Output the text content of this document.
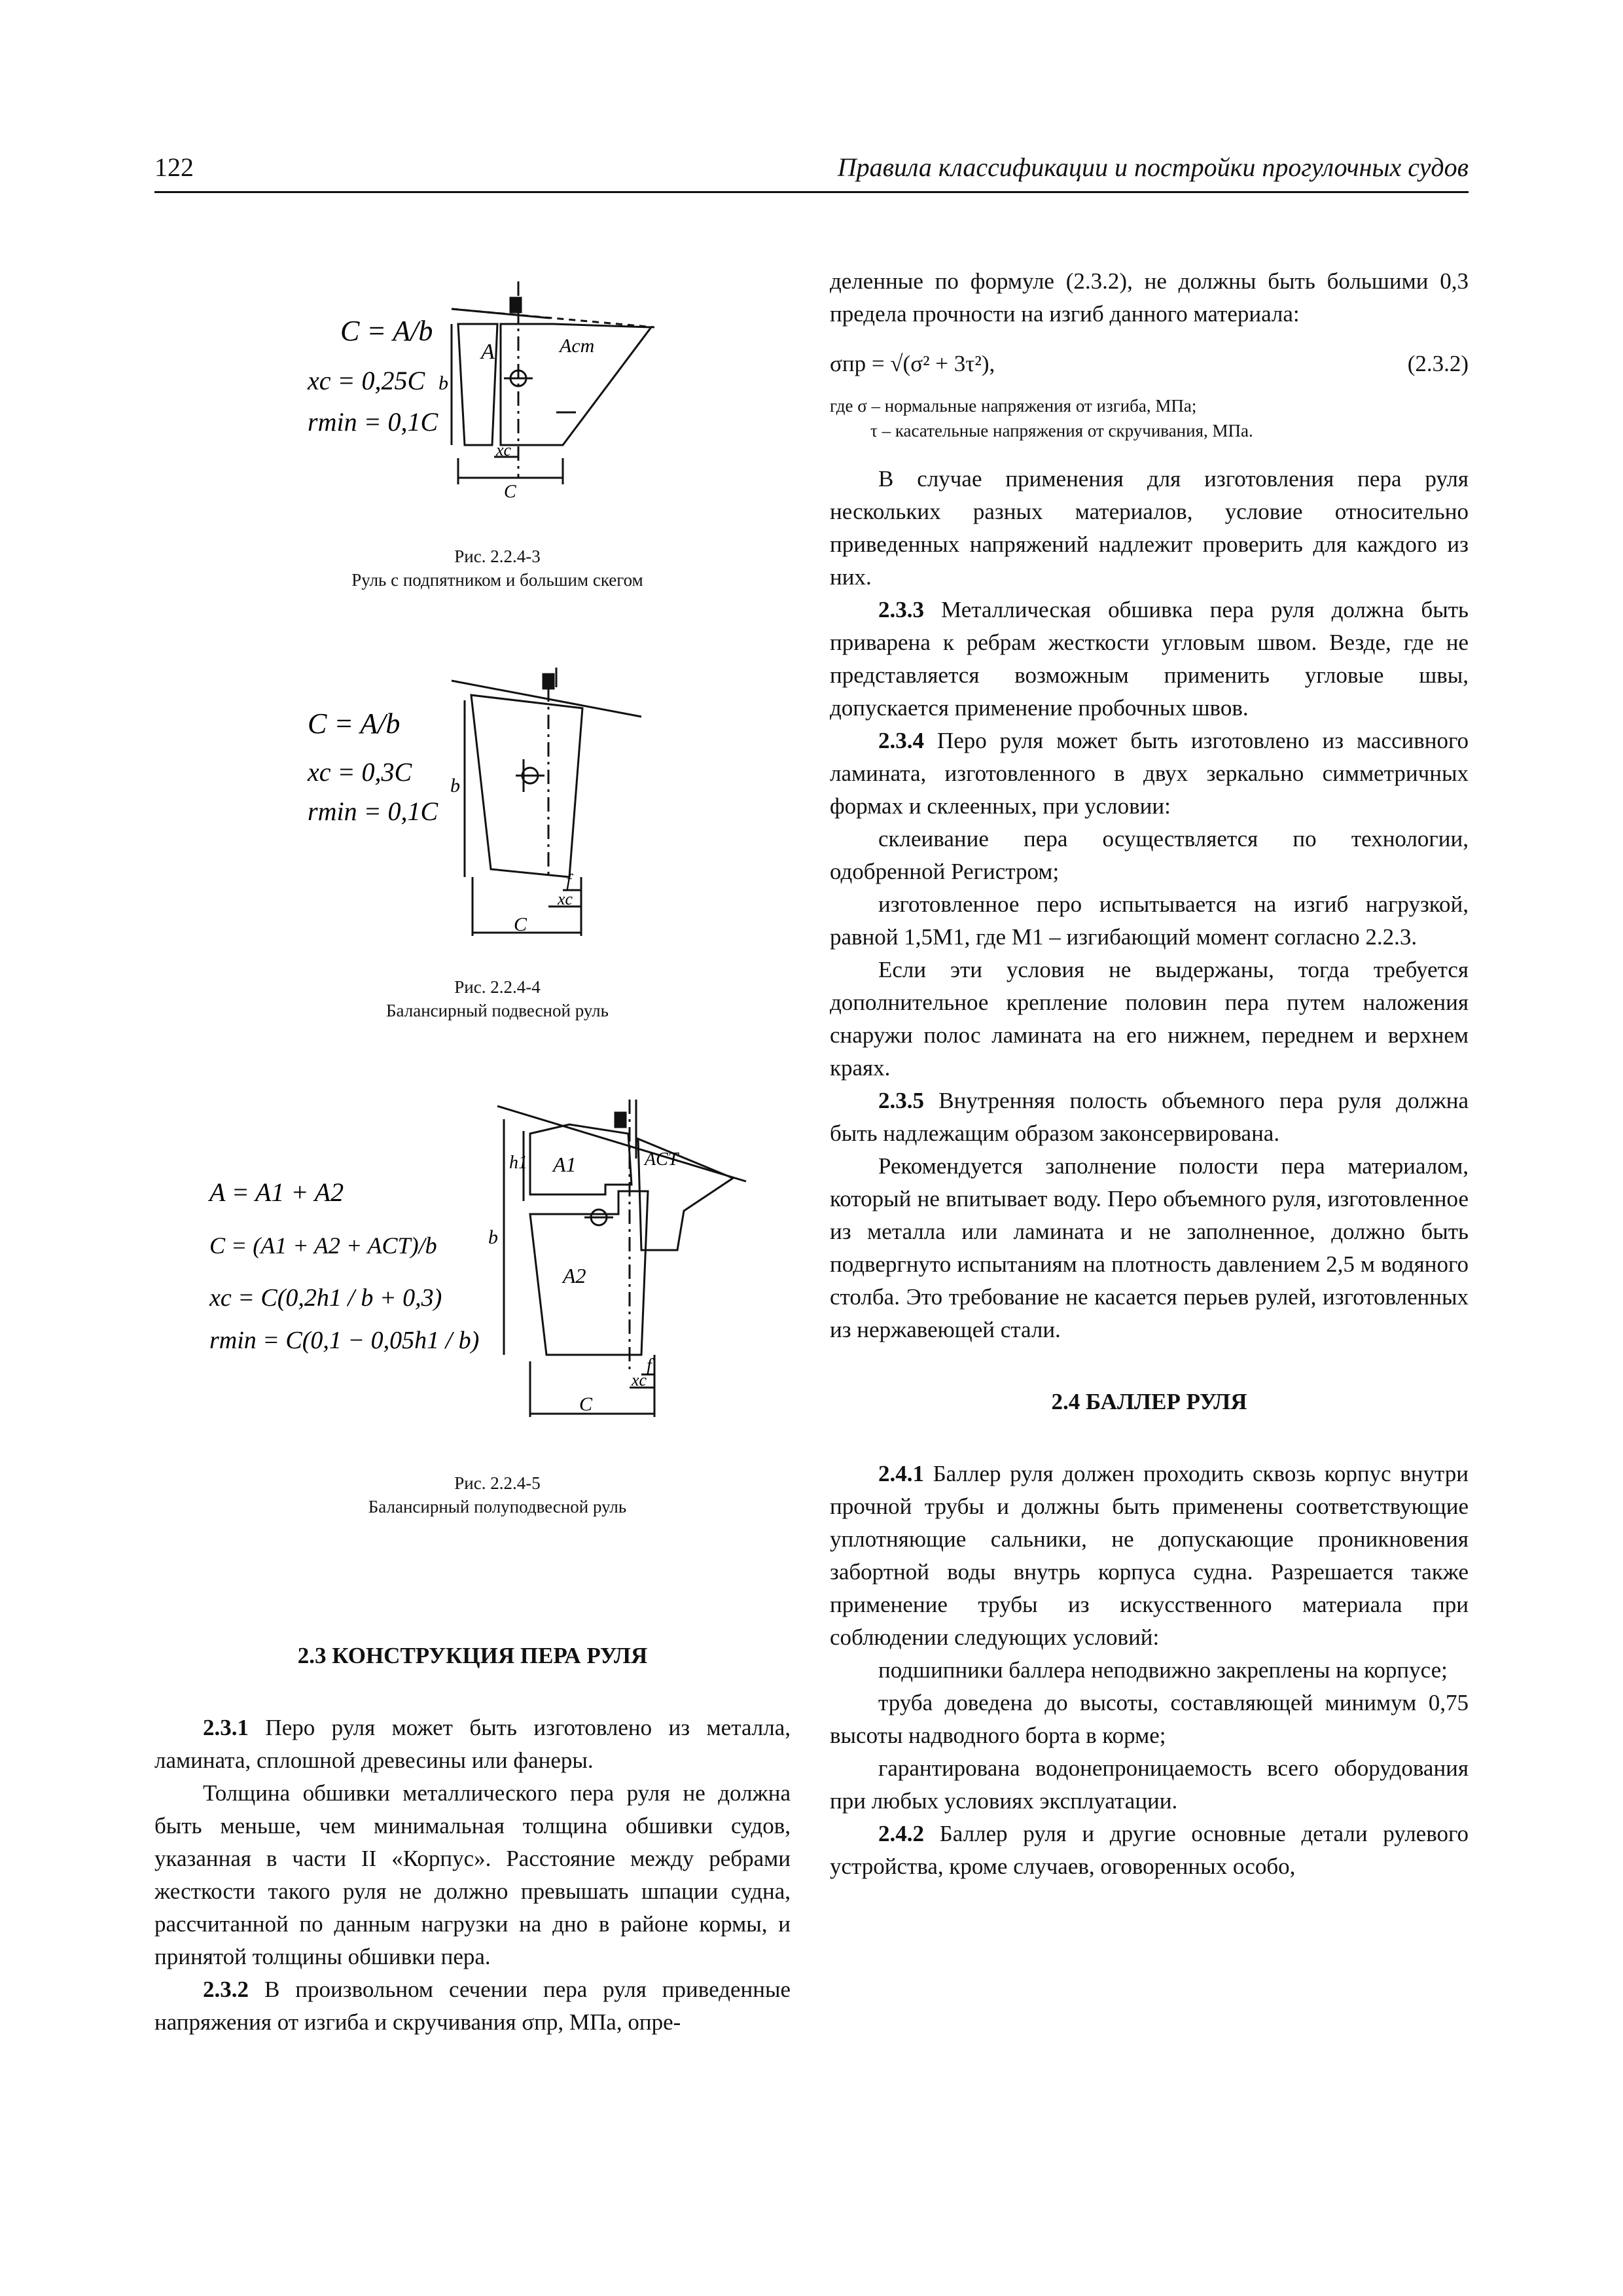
122	Правила классификации и постройки прогулочных судов
C = A/b
xc = 0,25C
rmin = 0,1C
A	Aст
b
xc
C
Рис. 2.2.4-3
Руль с подпятником и большим скегом
C = A/b
xc = 0,3C
rmin = 0,1C
b
f
xc
C
Рис. 2.2.4-4
Балансирный подвесной руль
A = A1 + A2
C = (A1 + A2 + ACT)/b
xc = C(0,2h1 / b + 0,3)
rmin = C(0,1 − 0,05h1 / b)
A1
A2
ACT
h1
b
f
xc
C
Рис. 2.2.4-5
Балансирный полуподвесной руль

2.3 КОНСТРУКЦИЯ ПЕРА РУЛЯ

2.3.1 Перо руля может быть изготовлено из металла, ламината, сплошной древесины или фанеры.

Толщина обшивки металлического пера руля не должна быть меньше, чем минимальная толщина обшивки судов, указанная в части II «Корпус». Расстояние между ребрами жесткости такого руля не должно превышать шпации судна, рассчитанной по данным нагрузки на дно в районе кормы, и принятой толщины обшивки пера.

2.3.2 В произвольном сечении пера руля приведенные напряжения от изгиба и скручивания σпр, МПа, опре-

деленные по формуле (2.3.2), не должны быть большими 0,3 предела прочности на изгиб данного материала:

σпр = √(σ² + 3τ²),	(2.3.2)
где σ – нормальные напряжения от изгиба, МПа;
τ – касательные напряжения от скручивания, МПа.

В случае применения для изготовления пера руля нескольких разных материалов, условие относительно приведенных напряжений надлежит проверить для каждого из них.

2.3.3 Металлическая обшивка пера руля должна быть приварена к ребрам жесткости угловым швом. Везде, где не представляется возможным применить угловые швы, допускается применение пробочных швов.

2.3.4 Перо руля может быть изготовлено из массивного ламината, изготовленного в двух зеркально симметричных формах и склеенных, при условии:

склеивание пера осуществляется по технологии, одобренной Регистром;

изготовленное перо испытывается на изгиб нагрузкой, равной 1,5M1, где M1 – изгибающий момент согласно 2.2.3.

Если эти условия не выдержаны, тогда требуется дополнительное крепление половин пера путем наложения снаружи полос ламината на его нижнем, переднем и верхнем краях.

2.3.5 Внутренняя полость объемного пера руля должна быть надлежащим образом законсервирована.

Рекомендуется заполнение полости пера материалом, который не впитывает воду. Перо объемного руля, изготовленное из металла или ламината и не заполненное, должно быть подвергнуто испытаниям на плотность давлением 2,5 м водяного столба. Это требование не касается перьев рулей, изготовленных из нержавеющей стали.

2.4 БАЛЛЕР РУЛЯ

2.4.1 Баллер руля должен проходить сквозь корпус внутри прочной трубы и должны быть применены соответствующие уплотняющие сальники, не допускающие проникновения забортной воды внутрь корпуса судна. Разрешается также применение трубы из искусственного материала при соблюдении следующих условий:

подшипники баллера неподвижно закреплены на корпусе;

труба доведена до высоты, составляющей минимум 0,75 высоты надводного борта в корме;

гарантирована водонепроницаемость всего оборудования при любых условиях эксплуатации.

2.4.2 Баллер руля и другие основные детали рулевого устройства, кроме случаев, оговоренных особо,
